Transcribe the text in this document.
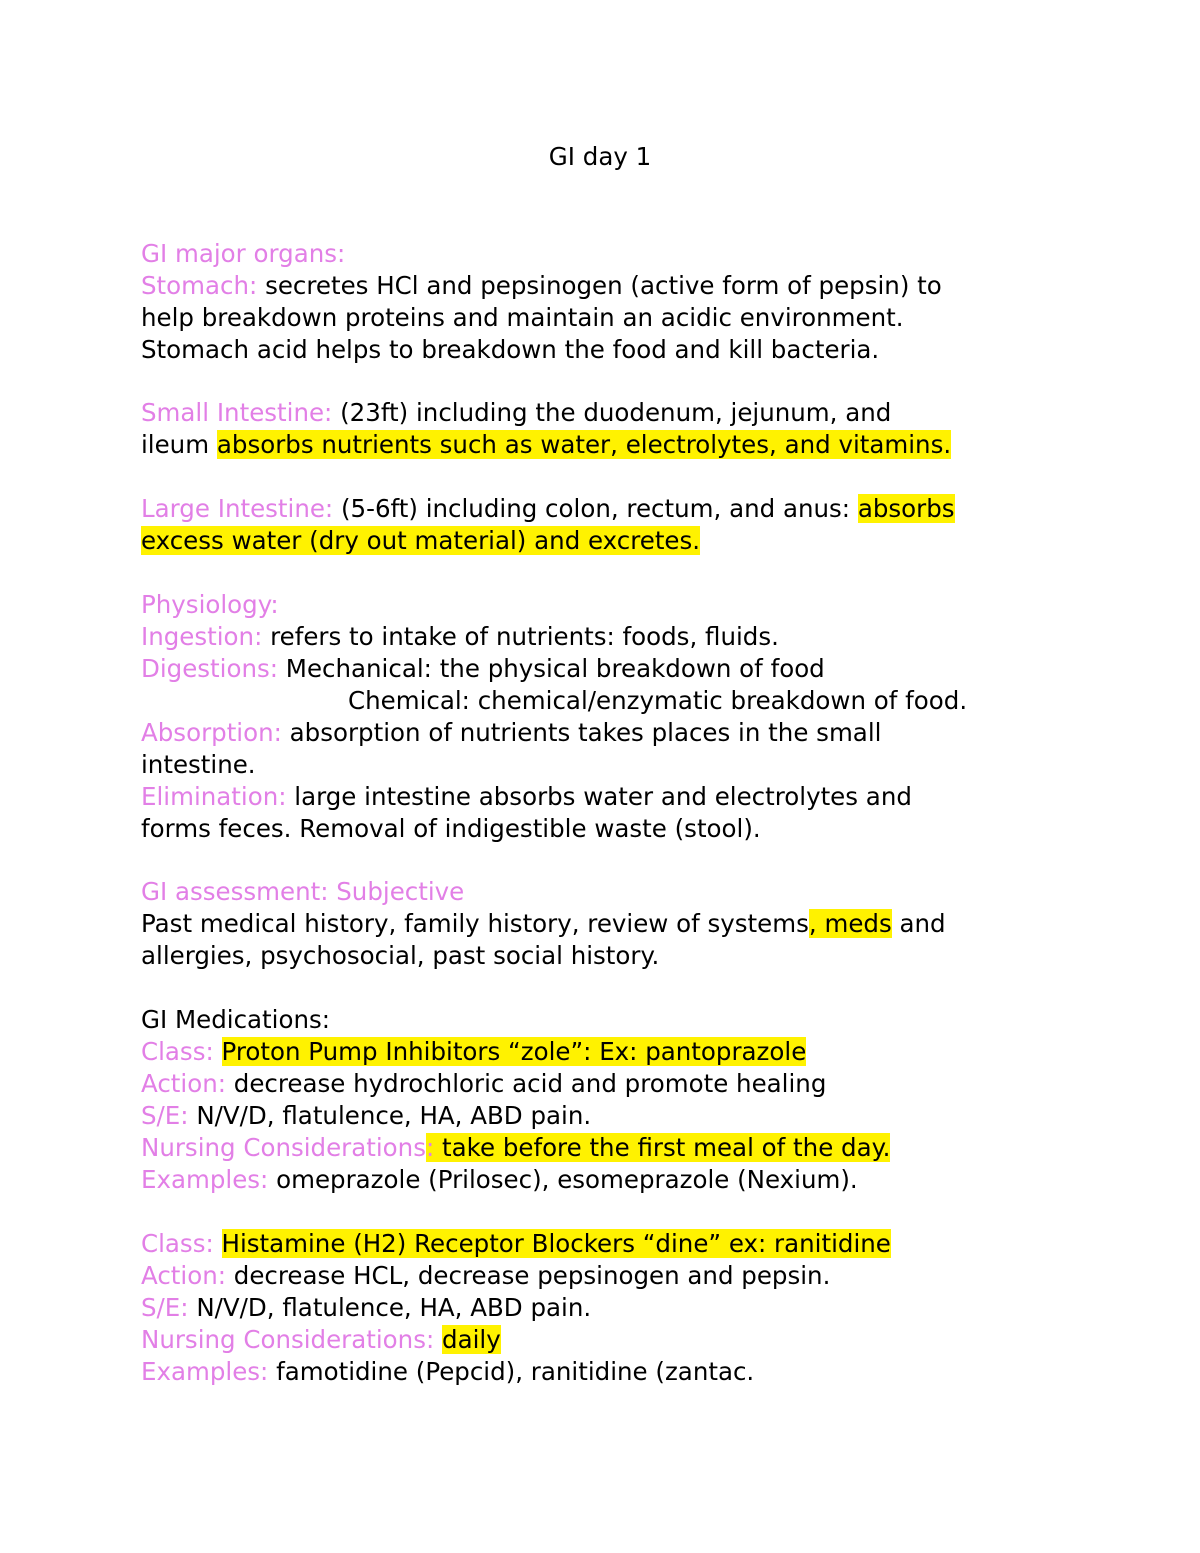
GI day 1

GI major organs:

Stomach: secretes HCl and pepsinogen (active form of pepsin) to

help breakdown proteins and maintain an acidic environment.

Stomach acid helps to breakdown the food and kill bacteria.

Small Intestine: (23ft) including the duodenum, jejunum, and

ileum absorbs nutrients such as water, electrolytes, and vitamins.

Large Intestine: (5-6ft) including colon, rectum, and anus: absorbs

excess water (dry out material) and excretes.

Physiology:

Ingestion: refers to intake of nutrients: foods, fluids.

Digestions: Mechanical: the physical breakdown of food

Chemical: chemical/enzymatic breakdown of food.

Absorption: absorption of nutrients takes places in the small

intestine.

Elimination: large intestine absorbs water and electrolytes and

forms feces. Removal of indigestible waste (stool).

GI assessment: Subjective

Past medical history, family history, review of systems, meds and

allergies, psychosocial, past social history.

GI Medications:

Class: Proton Pump Inhibitors “zole”: Ex: pantoprazole

Action: decrease hydrochloric acid and promote healing

S/E: N/V/D, flatulence, HA, ABD pain.

Nursing Considerations: take before the first meal of the day.

Examples: omeprazole (Prilosec), esomeprazole (Nexium).

Class: Histamine (H2) Receptor Blockers “dine” ex: ranitidine

Action: decrease HCL, decrease pepsinogen and pepsin.

S/E: N/V/D, flatulence, HA, ABD pain.

Nursing Considerations: daily

Examples: famotidine (Pepcid), ranitidine (zantac.
